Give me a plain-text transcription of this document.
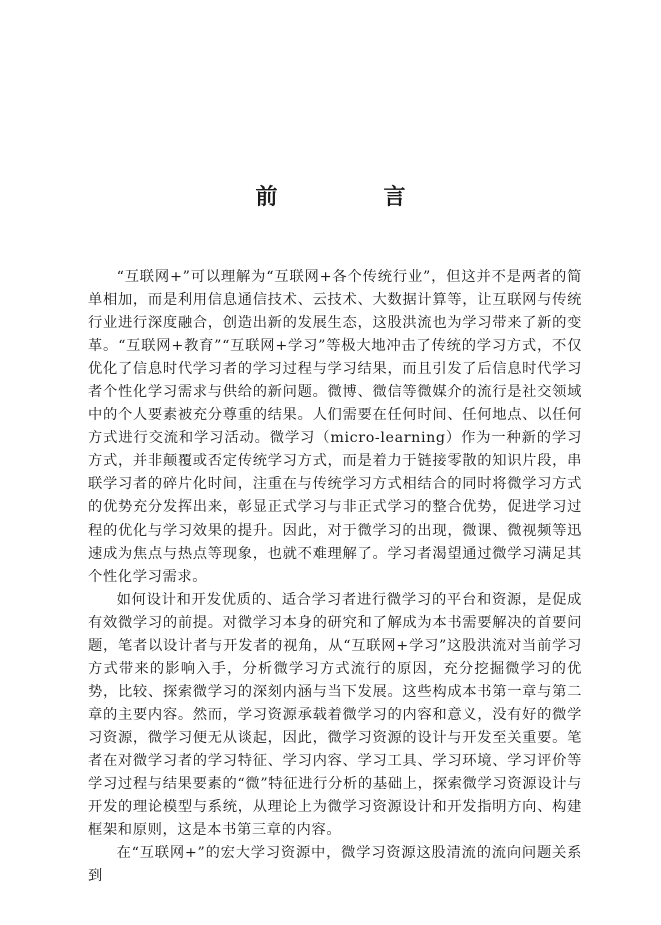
前　言

“互联网+”可以理解为“互联网+各个传统行业”，但这并不是两者的简单相加，而是利用信息通信技术、云技术、大数据计算等，让互联网与传统行业进行深度融合，创造出新的发展生态，这股洪流也为学习带来了新的变革。“互联网+教育”“互联网+学习”等极大地冲击了传统的学习方式，不仅优化了信息时代学习者的学习过程与学习结果，而且引发了后信息时代学习者个性化学习需求与供给的新问题。微博、微信等微媒介的流行是社交领域中的个人要素被充分尊重的结果。人们需要在任何时间、任何地点、以任何方式进行交流和学习活动。微学习（micro-learning）作为一种新的学习方式，并非颠覆或否定传统学习方式，而是着力于链接零散的知识片段，串联学习者的碎片化时间，注重在与传统学习方式相结合的同时将微学习方式的优势充分发挥出来，彰显正式学习与非正式学习的整合优势，促进学习过程的优化与学习效果的提升。因此，对于微学习的出现，微课、微视频等迅速成为焦点与热点等现象，也就不难理解了。学习者渴望通过微学习满足其个性化学习需求。

如何设计和开发优质的、适合学习者进行微学习的平台和资源，是促成有效微学习的前提。对微学习本身的研究和了解成为本书需要解决的首要问题，笔者以设计者与开发者的视角，从“互联网+学习”这股洪流对当前学习方式带来的影响入手，分析微学习方式流行的原因，充分挖掘微学习的优势，比较、探索微学习的深刻内涵与当下发展。这些构成本书第一章与第二章的主要内容。然而，学习资源承载着微学习的内容和意义，没有好的微学习资源，微学习便无从谈起，因此，微学习资源的设计与开发至关重要。笔者在对微学习者的学习特征、学习内容、学习工具、学习环境、学习评价等学习过程与结果要素的“微”特征进行分析的基础上，探索微学习资源设计与开发的理论模型与系统，从理论上为微学习资源设计和开发指明方向、构建框架和原则，这是本书第三章的内容。

在“互联网+”的宏大学习资源中，微学习资源这股清流的流向问题关系到
